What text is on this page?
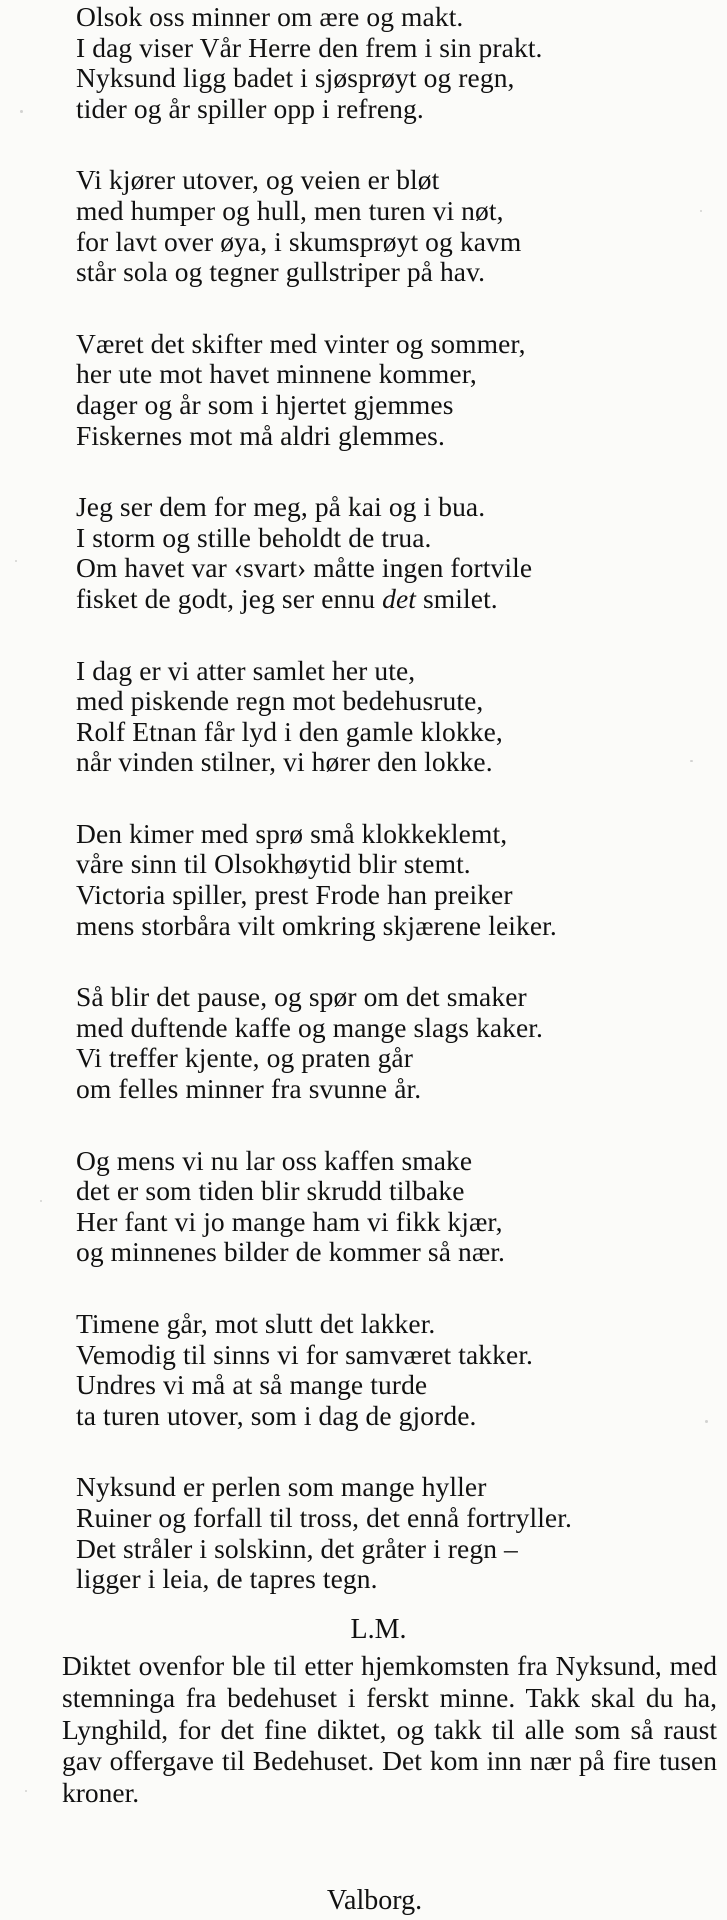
Olsok oss minner om ære og makt.
I dag viser Vår Herre den frem i sin prakt.
Nyksund ligg badet i sjøsprøyt og regn,
tider og år spiller opp i refreng.
Vi kjører utover, og veien er bløt
med humper og hull, men turen vi nøt,
for lavt over øya, i skumsprøyt og kavm
står sola og tegner gullstriper på hav.
Været det skifter med vinter og sommer,
her ute mot havet minnene kommer,
dager og år som i hjertet gjemmes
Fiskernes mot må aldri glemmes.
Jeg ser dem for meg, på kai og i bua.
I storm og stille beholdt de trua.
Om havet var ‹svart› måtte ingen fortvile
fisket de godt, jeg ser ennu det smilet.
I dag er vi atter samlet her ute,
med piskende regn mot bedehusrute,
Rolf Etnan får lyd i den gamle klokke,
når vinden stilner, vi hører den lokke.
Den kimer med sprø små klokkeklemt,
våre sinn til Olsokhøytid blir stemt.
Victoria spiller, prest Frode han preiker
mens storbåra vilt omkring skjærene leiker.
Så blir det pause, og spør om det smaker
med duftende kaffe og mange slags kaker.
Vi treffer kjente, og praten går
om felles minner fra svunne år.
Og mens vi nu lar oss kaffen smake
det er som tiden blir skrudd tilbake
Her fant vi jo mange ham vi fikk kjær,
og minnenes bilder de kommer så nær.
Timene går, mot slutt det lakker.
Vemodig til sinns vi for samværet takker.
Undres vi må at så mange turde
ta turen utover, som i dag de gjorde.
Nyksund er perlen som mange hyller
Ruiner og forfall til tross, det ennå fortryller.
Det stråler i solskinn, det gråter i regn –
ligger i leia, de tapres tegn.
L.M.
Diktet ovenfor ble til etter hjemkomsten fra Nyksund, med stemninga fra bedehuset i ferskt minne. Takk skal du ha, Lynghild, for det fine diktet, og takk til alle som så raust gav offergave til Bedehuset. Det kom inn nær på fire tusen kroner.
Valborg.
